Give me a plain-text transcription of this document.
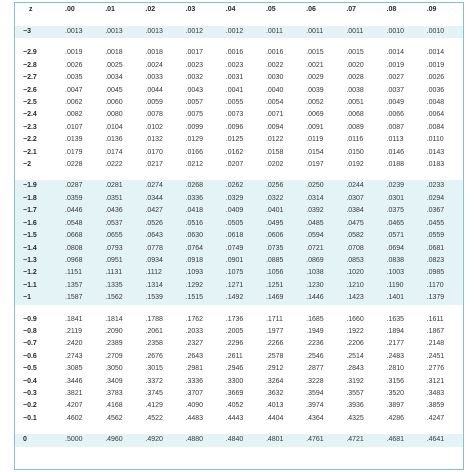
z	.00	.01	.02	.03	.04	.05	.06	.07	.08	.09

−3	.0013	.0013	.0013	.0012	.0012	.0011	.0011	.0011	.0010	.0010

−2.9	.0019	.0018	.0018	.0017	.0016	.0016	.0015	.0015	.0014	.0014
−2.8	.0026	.0025	.0024	.0023	.0023	.0022	.0021	.0020	.0019	.0019
−2.7	.0035	.0034	.0033	.0032	.0031	.0030	.0029	.0028	.0027	.0026
−2.6	.0047	.0045	.0044	.0043	.0041	.0040	.0039	.0038	.0037	.0036
−2.5	.0062	.0060	.0059	.0057	.0055	.0054	.0052	.0051	.0049	.0048
−2.4	.0082	.0080	.0078	.0075	.0073	.0071	.0069	.0068	.0066	.0064
−2.3	.0107	.0104	.0102	.0099	.0096	.0094	.0091	.0089	.0087	.0084
−2.2	.0139	.0136	.0132	.0129	.0125	.0122	.0119	.0116	.0113	.0110
−2.1	.0179	.0174	.0170	.0166	.0162	.0158	.0154	.0150	.0146	.0143
−2	.0228	.0222	.0217	.0212	.0207	.0202	.0197	.0192	.0188	.0183

−1.9	.0287	.0281	.0274	.0268	.0262	.0256	.0250	.0244	.0239	.0233
−1.8	.0359	.0351	.0344	.0336	.0329	.0322	.0314	.0307	.0301	.0294
−1.7	.0446	.0436	.0427	.0418	.0409	.0401	.0392	.0384	.0375	.0367
−1.6	.0548	.0537	.0526	.0516	.0505	.0495	.0485	.0475	.0465	.0455
−1.5	.0668	.0655	.0643	.0630	.0618	.0606	.0594	.0582	.0571	.0559
−1.4	.0808	.0793	.0778	.0764	.0749	.0735	.0721	.0708	.0694	.0681
−1.3	.0968	.0951	.0934	.0918	.0901	.0885	.0869	.0853	.0838	.0823
−1.2	.1151	.1131	.1112	.1093	.1075	.1056	.1038	.1020	.1003	.0985
−1.1	.1357	.1335	.1314	.1292	.1271	.1251	.1230	.1210	.1190	.1170
−1	.1587	.1562	.1539	.1515	.1492	.1469	.1446	.1423	.1401	.1379

−0.9	.1841	.1814	.1788	.1762	.1736	.1711	.1685	.1660	.1635	.1611
−0.8	.2119	.2090	.2061	.2033	.2005	.1977	.1949	.1922	.1894	.1867
−0.7	.2420	.2389	.2358	.2327	.2296	.2266	.2236	.2206	.2177	.2148
−0.6	.2743	.2709	.2676	.2643	.2611	.2578	.2546	.2514	.2483	.2451
−0.5	.3085	.3050	.3015	.2981	.2946	.2912	.2877	.2843	.2810	.2776
−0.4	.3446	.3409	.3372	.3336	.3300	.3264	.3228	.3192	.3156	.3121
−0.3	.3821	.3783	.3745	.3707	.3669	.3632	.3594	.3557	.3520	.3483
−0.2	.4207	.4168	.4129	.4090	.4052	.4013	.3974	.3936	.3897	.3859
−0.1	.4602	.4562	.4522	.4483	.4443	.4404	.4364	.4325	.4286	.4247

0	.5000	.4960	.4920	.4880	.4840	.4801	.4761	.4721	.4681	.4641
